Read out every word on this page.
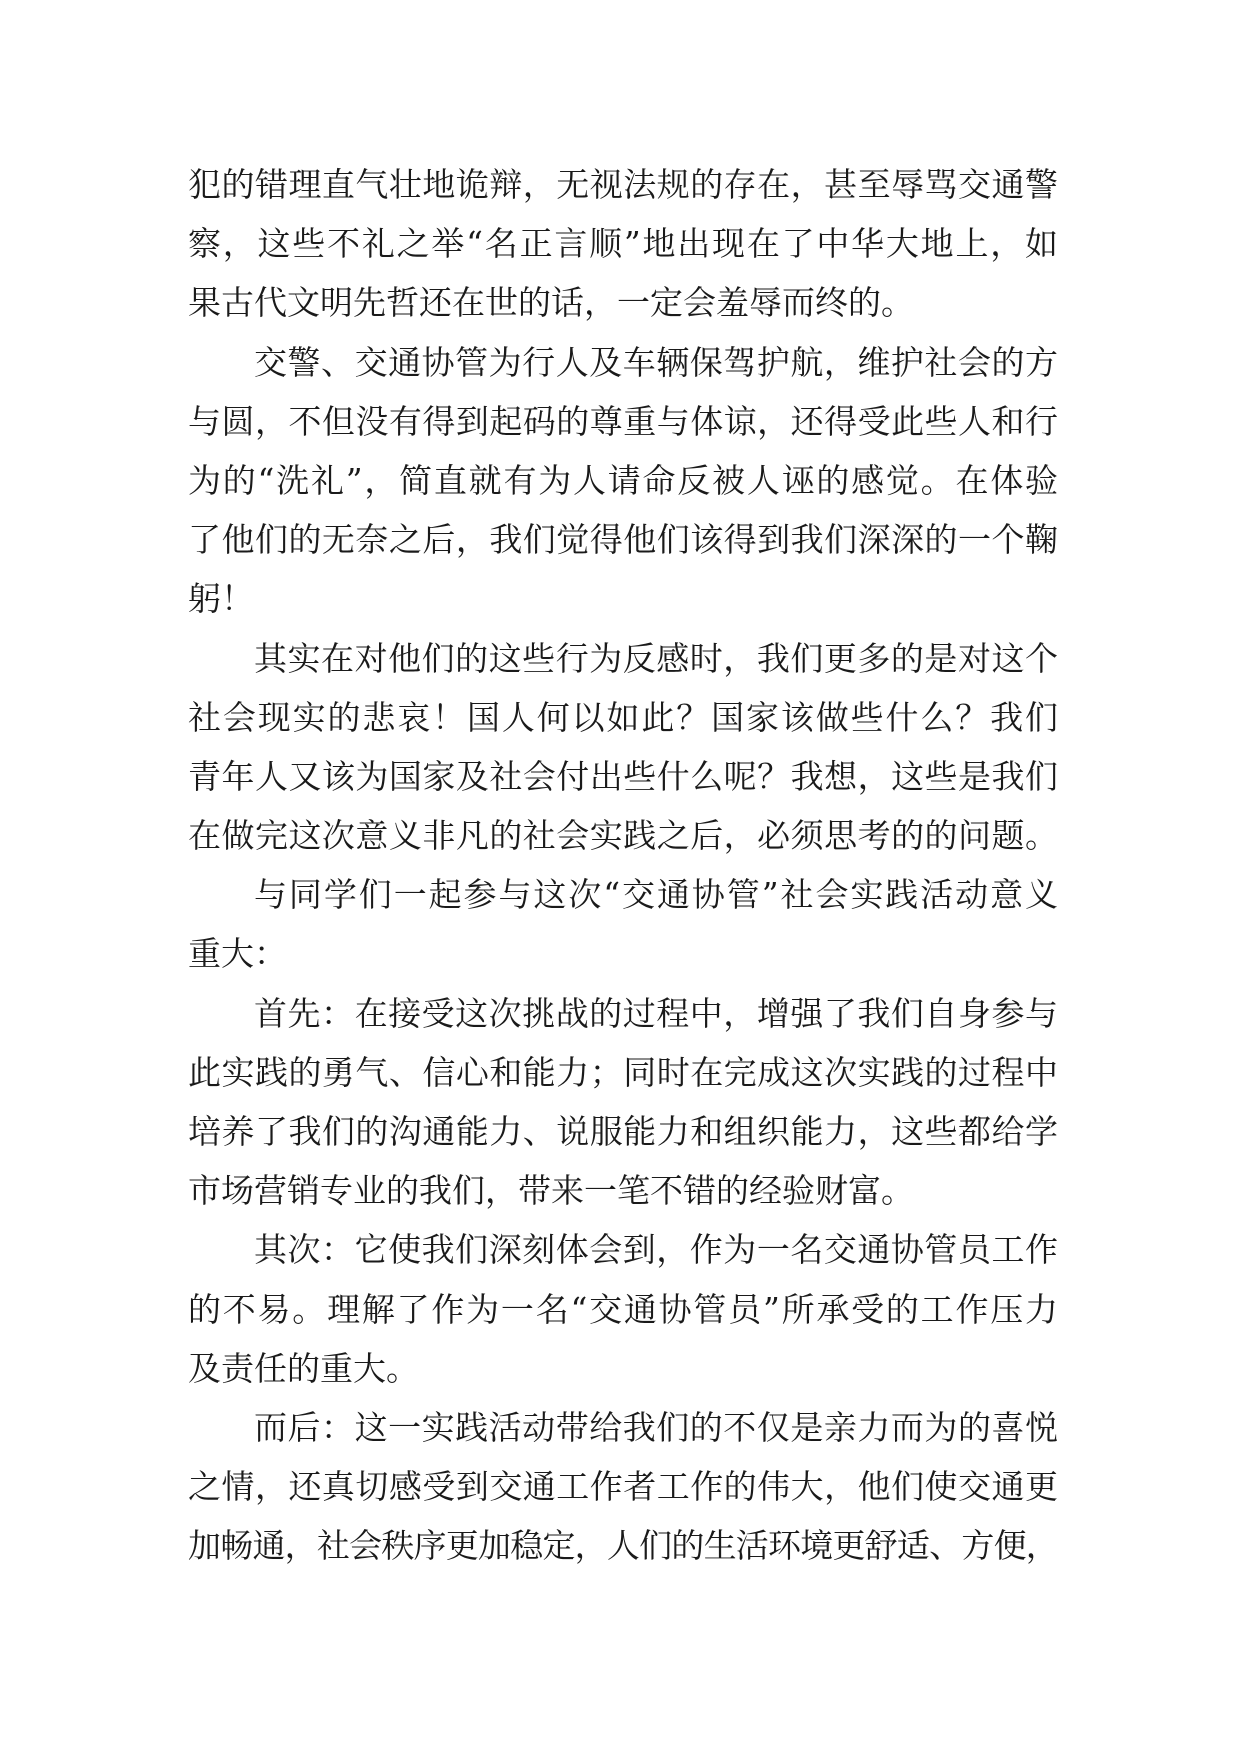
犯的错理直气壮地诡辩，无视法规的存在，甚至辱骂交通警
察，这些不礼之举“名正言顺”地出现在了中华大地上，如
果古代文明先哲还在世的话，一定会羞辱而终的。
交警、交通协管为行人及车辆保驾护航，维护社会的方
与圆，不但没有得到起码的尊重与体谅，还得受此些人和行
为的“洗礼”，简直就有为人请命反被人诬的感觉。在体验
了他们的无奈之后，我们觉得他们该得到我们深深的一个鞠
躬！
其实在对他们的这些行为反感时，我们更多的是对这个
社会现实的悲哀！国人何以如此？国家该做些什么？我们
青年人又该为国家及社会付出些什么呢？我想，这些是我们
在做完这次意义非凡的社会实践之后，必须思考的的问题。
与同学们一起参与这次“交通协管”社会实践活动意义
重大：
首先：在接受这次挑战的过程中，增强了我们自身参与
此实践的勇气、信心和能力；同时在完成这次实践的过程中
培养了我们的沟通能力、说服能力和组织能力，这些都给学
市场营销专业的我们，带来一笔不错的经验财富。
其次：它使我们深刻体会到，作为一名交通协管员工作
的不易。理解了作为一名“交通协管员”所承受的工作压力
及责任的重大。
而后：这一实践活动带给我们的不仅是亲力而为的喜悦
之情，还真切感受到交通工作者工作的伟大，他们使交通更
加畅通，社会秩序更加稳定，人们的生活环境更舒适、方便，
